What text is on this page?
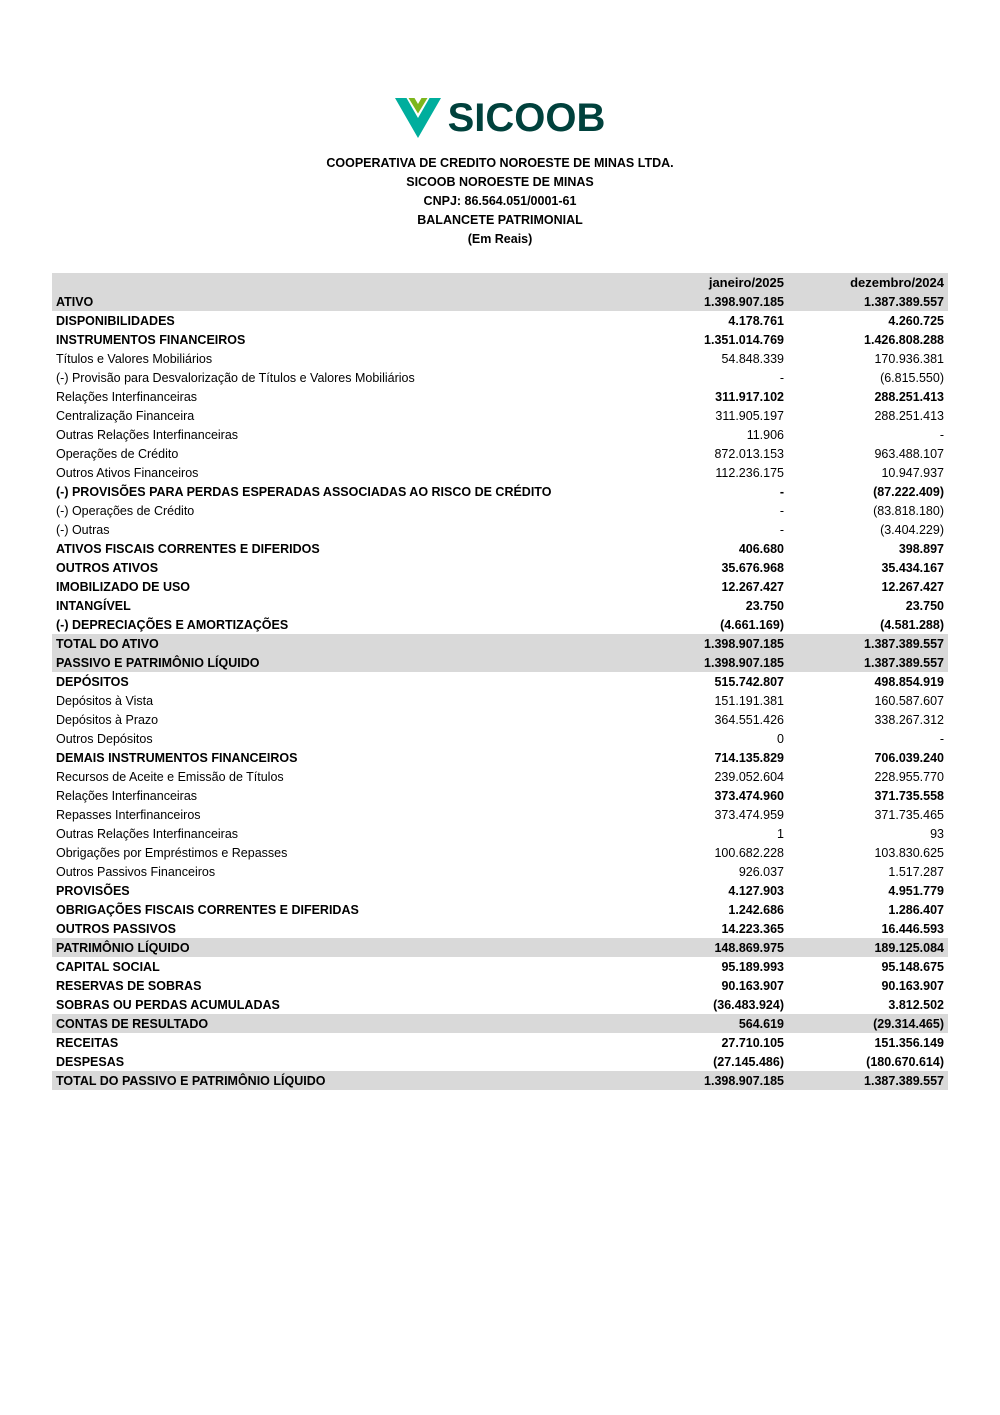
SICOOB
COOPERATIVA DE CREDITO NOROESTE DE MINAS LTDA.
SICOOB NOROESTE DE MINAS
CNPJ: 86.564.051/0001-61
BALANCETE PATRIMONIAL
(Em Reais)
	janeiro/2025	dezembro/2024
ATIVO	1.398.907.185	1.387.389.557
DISPONIBILIDADES	4.178.761	4.260.725
INSTRUMENTOS FINANCEIROS	1.351.014.769	1.426.808.288
Títulos e Valores Mobiliários	54.848.339	170.936.381
(-) Provisão para Desvalorização de Títulos e Valores Mobiliários	-	(6.815.550)
Relações Interfinanceiras	311.917.102	288.251.413
Centralização Financeira	311.905.197	288.251.413
Outras Relações Interfinanceiras	11.906	-
Operações de Crédito	872.013.153	963.488.107
Outros Ativos Financeiros	112.236.175	10.947.937
(-) PROVISÕES PARA PERDAS ESPERADAS ASSOCIADAS AO RISCO DE CRÉDITO	-	(87.222.409)
(-) Operações de Crédito	-	(83.818.180)
(-) Outras	-	(3.404.229)
ATIVOS FISCAIS CORRENTES E DIFERIDOS	406.680	398.897
OUTROS ATIVOS	35.676.968	35.434.167
IMOBILIZADO DE USO	12.267.427	12.267.427
INTANGÍVEL	23.750	23.750
(-) DEPRECIAÇÕES E AMORTIZAÇÕES	(4.661.169)	(4.581.288)
TOTAL DO ATIVO	1.398.907.185	1.387.389.557
PASSIVO E PATRIMÔNIO LÍQUIDO	1.398.907.185	1.387.389.557
DEPÓSITOS	515.742.807	498.854.919
Depósitos à Vista	151.191.381	160.587.607
Depósitos à Prazo	364.551.426	338.267.312
Outros Depósitos	0	-
DEMAIS INSTRUMENTOS FINANCEIROS	714.135.829	706.039.240
Recursos de Aceite e Emissão de Títulos	239.052.604	228.955.770
Relações Interfinanceiras	373.474.960	371.735.558
Repasses Interfinanceiros	373.474.959	371.735.465
Outras Relações Interfinanceiras	1	93
Obrigações por Empréstimos e Repasses	100.682.228	103.830.625
Outros Passivos Financeiros	926.037	1.517.287
PROVISÕES	4.127.903	4.951.779
OBRIGAÇÕES FISCAIS CORRENTES E DIFERIDAS	1.242.686	1.286.407
OUTROS PASSIVOS	14.223.365	16.446.593
PATRIMÔNIO LÍQUIDO	148.869.975	189.125.084
CAPITAL SOCIAL	95.189.993	95.148.675
RESERVAS DE SOBRAS	90.163.907	90.163.907
SOBRAS OU PERDAS ACUMULADAS	(36.483.924)	3.812.502
CONTAS DE RESULTADO	564.619	(29.314.465)
RECEITAS	27.710.105	151.356.149
DESPESAS	(27.145.486)	(180.670.614)
TOTAL DO PASSIVO E PATRIMÔNIO LÍQUIDO	1.398.907.185	1.387.389.557
